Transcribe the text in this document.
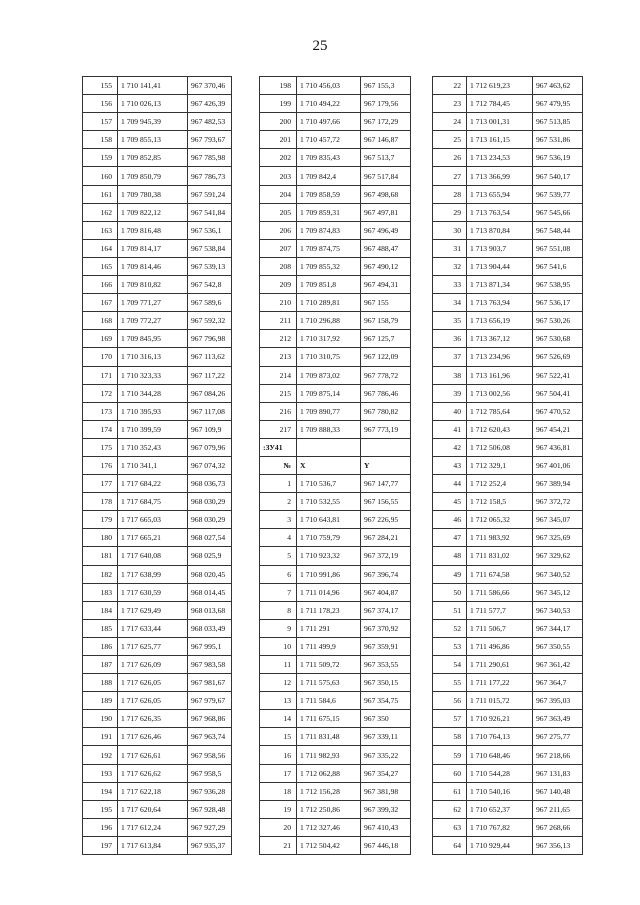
25
155	1 710 141,41	967 370,46
156	1 710 026,13	967 426,39
157	1 709 945,39	967 482,53
158	1 709 855,13	967 793,67
159	1 709 852,85	967 785,98
160	1 709 850,79	967 786,73
161	1 709 780,38	967 591,24
162	1 709 822,12	967 541,84
163	1 709 816,48	967 536,1
164	1 709 814,17	967 538,84
165	1 709 814,46	967 539,13
166	1 709 810,82	967 542,8
167	1 709 771,27	967 589,6
168	1 709 772,27	967 592,32
169	1 709 845,95	967 796,98
170	1 710 316,13	967 113,62
171	1 710 323,33	967 117,22
172	1 710 344,28	967 084,26
173	1 710 395,93	967 117,08
174	1 710 399,59	967 109,9
175	1 710 352,43	967 079,96
176	1 710 341,1	967 074,32
177	1 717 684,22	968 036,73
178	1 717 684,75	968 030,29
179	1 717 665,03	968 030,29
180	1 717 665,21	968 027,54
181	1 717 640,08	968 025,9
182	1 717 638,99	968 020,45
183	1 717 630,59	968 014,45
184	1 717 629,49	968 013,68
185	1 717 633,44	968 033,49
186	1 717 625,77	967 995,1
187	1 717 626,09	967 983,58
188	1 717 626,05	967 981,67
189	1 717 626,05	967 979,67
190	1 717 626,35	967 968,86
191	1 717 626,46	967 963,74
192	1 717 626,61	967 958,56
193	1 717 626,62	967 958,5
194	1 717 622,18	967 936,28
195	1 717 620,64	967 928,48
196	1 717 612,24	967 927,29
197	1 717 613,84	967 935,37
198	1 710 456,03	967 155,3
199	1 710 494,22	967 179,56
200	1 710 497,66	967 172,29
201	1 710 457,72	967 146,87
202	1 709 835,43	967 513,7
203	1 709 842,4	967 517,84
204	1 709 858,59	967 498,68
205	1 709 859,31	967 497,81
206	1 709 874,83	967 496,49
207	1 709 874,75	967 488,47
208	1 709 855,32	967 490,12
209	1 709 851,8	967 494,31
210	1 710 289,81	967 155
211	1 710 296,88	967 158,79
212	1 710 317,92	967 125,7
213	1 710 310,75	967 122,09
214	1 709 873,02	967 778,72
215	1 709 875,14	967 786,46
216	1 709 890,77	967 780,82
217	1 709 888,33	967 773,19
:ЗУ41		
№	X	Y
1	1 710 536,7	967 147,77
2	1 710 532,55	967 156,55
3	1 710 643,81	967 226,95
4	1 710 759,79	967 284,21
5	1 710 923,32	967 372,19
6	1 710 991,86	967 396,74
7	1 711 014,96	967 404,87
8	1 711 178,23	967 374,17
9	1 711 291	967 370,92
10	1 711 499,9	967 359,91
11	1 711 509,72	967 353,55
12	1 711 575,63	967 350,15
13	1 711 584,6	967 354,75
14	1 711 675,15	967 350
15	1 711 831,48	967 339,11
16	1 711 982,93	967 335,22
17	1 712 062,88	967 354,27
18	1 712 156,28	967 381,98
19	1 712 250,86	967 399,32
20	1 712 327,46	967 410,43
21	1 712 504,42	967 446,18
22	1 712 619,23	967 463,62
23	1 712 784,45	967 479,95
24	1 713 001,31	967 513,85
25	1 713 161,15	967 531,86
26	1 713 234,53	967 536,19
27	1 713 366,99	967 540,17
28	1 713 655,94	967 539,77
29	1 713 763,54	967 545,66
30	1 713 870,84	967 548,44
31	1 713 903,7	967 551,08
32	1 713 904,44	967 541,6
33	1 713 871,34	967 538,95
34	1 713 763,94	967 536,17
35	1 713 656,19	967 530,26
36	1 713 367,12	967 530,68
37	1 713 234,96	967 526,69
38	1 713 161,96	967 522,41
39	1 713 002,56	967 504,41
40	1 712 785,64	967 470,52
41	1 712 620,43	967 454,21
42	1 712 506,08	967 436,81
43	1 712 329,1	967 401,06
44	1 712 252,4	967 389,94
45	1 712 158,5	967 372,72
46	1 712 065,32	967 345,07
47	1 711 983,92	967 325,69
48	1 711 831,02	967 329,62
49	1 711 674,58	967 340,52
50	1 711 586,66	967 345,12
51	1 711 577,7	967 340,53
52	1 711 506,7	967 344,17
53	1 711 496,86	967 350,55
54	1 711 290,61	967 361,42
55	1 711 177,22	967 364,7
56	1 711 015,72	967 395,03
57	1 710 926,21	967 363,49
58	1 710 764,13	967 275,77
59	1 710 648,46	967 218,66
60	1 710 544,28	967 131,83
61	1 710 540,16	967 140,48
62	1 710 652,37	967 211,65
63	1 710 767,82	967 268,66
64	1 710 929,44	967 356,13
